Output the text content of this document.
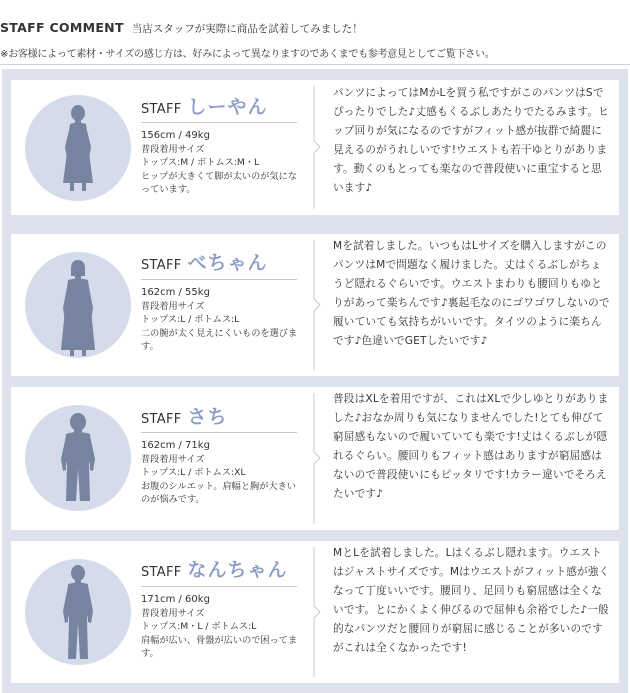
STAFF COMMENT 当店スタッフが実際に商品を試着してみました！
※お客様によって素材・サイズの感じ方は、好みによって異なりますのであくまでも参考意見としてご覧下さい。
STAFF しーやん
156cm / 49kg
普段着用サイズ
トップス:M / ボトムス:M・L
ヒップが大きくて脚が太いのが気になっています。
パンツによってはMかLを買う私ですがこのパンツはSでぴったりでした♪丈感もくるぶしあたりでたるみます。ヒップ回りが気になるのですがフィット感が抜群で綺麗に見えるのがうれしいです!ウエストも若干ゆとりがあります。動くのもとっても楽なので普段使いに重宝すると思います♪
STAFF べちゃん
162cm / 55kg
普段着用サイズ
トップス:L / ボトムス:L
二の腕が太く見えにくいものを選びます。
Mを試着しました。いつもはLサイズを購入しますがこのパンツはMで問題なく履けました。丈はくるぶしがちょうど隠れるぐらいです。ウエストまわりも腰回りもゆとりがあって楽ちんです♪裏起毛なのにゴワゴワしないので履いていても気持ちがいいです。タイツのように楽ちんです♪色違いでGETしたいです♪
STAFF さち
162cm / 71kg
普段着用サイズ
トップス:L / ボトムス:XL
お腹のシルエット。肩幅と胸が大きいのが悩みです。
普段はXLを着用ですが、これはXLで少しゆとりがありました♪おなか周りも気になりませんでした!とても伸びて窮屈感もないので履いていても楽です!丈はくるぶしが隠れるぐらい。腰回りもフィット感はありますが窮屈感はないので普段使いにもピッタリです!カラー違いでそろえたいです♪
STAFF なんちゃん
171cm / 60kg
普段着用サイズ
トップス:M・L / ボトムス:L
肩幅が広い、骨盤が広いので困ってます。
MとLを試着しました。Lはくるぶし隠れます。ウエストはジャストサイズです。Mはウエストがフィット感が強くなって丁度いいです。腰回り、足回りも窮屈感は全くないです。とにかくよく伸びるので屈伸も余裕でした♪一般的なパンツだと腰回りが窮屈に感じることが多いのですがこれは全くなかったです!
